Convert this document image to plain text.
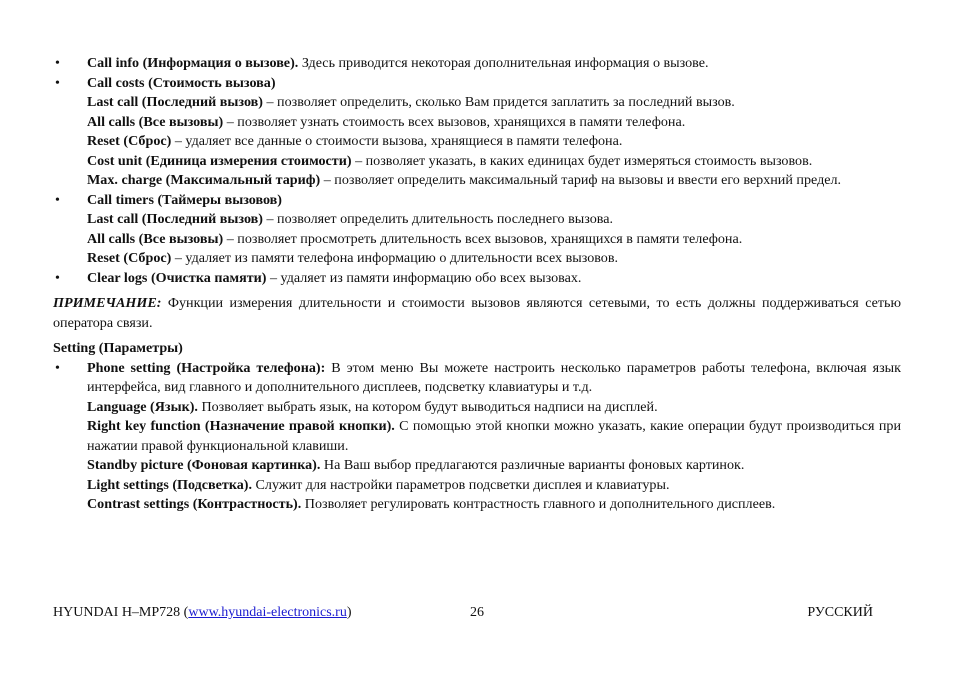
• Call info (Информация о вызове). Здесь приводится некоторая дополнительная информация о вызове.
• Call costs (Стоимость вызова)
Last call (Последний вызов) – позволяет определить, сколько Вам придется заплатить за последний вызов.
All calls (Все вызовы) – позволяет узнать стоимость всех вызовов, хранящихся в памяти телефона.
Reset (Сброс) – удаляет все данные о стоимости вызова, хранящиеся в памяти телефона.
Cost unit (Единица измерения стоимости) – позволяет указать, в каких единицах будет измеряться стоимость вызовов.
Max. charge (Максимальный тариф) – позволяет определить максимальный тариф на вызовы и ввести его верхний предел.
• Call timers (Таймеры вызовов)
Last call (Последний вызов) – позволяет определить длительность последнего вызова.
All calls (Все вызовы) – позволяет просмотреть длительность всех вызовов, хранящихся в памяти телефона.
Reset (Сброс) – удаляет из памяти телефона информацию о длительности всех вызовов.
• Clear logs (Очистка памяти) – удаляет из памяти информацию обо всех вызовах.
ПРИМЕЧАНИЕ: Функции измерения длительности и стоимости вызовов являются сетевыми, то есть должны поддерживаться сетью оператора связи.
Setting (Параметры)
• Phone setting (Настройка телефона): В этом меню Вы можете настроить несколько параметров работы телефона, включая язык интерфейса, вид главного и дополнительного дисплеев, подсветку клавиатуры и т.д.
Language (Язык). Позволяет выбрать язык, на котором будут выводиться надписи на дисплей.
Right key function (Назначение правой кнопки). С помощью этой кнопки можно указать, какие операции будут производиться при нажатии правой функциональной клавиши.
Standby picture (Фоновая картинка). На Ваш выбор предлагаются различные варианты фоновых картинок.
Light settings (Подсветка). Служит для настройки параметров подсветки дисплея и клавиатуры.
Contrast settings (Контрастность). Позволяет регулировать контрастность главного и дополнительного дисплеев.
HYUNDAI H–MP728 (www.hyundai-electronics.ru)	26	РУССКИЙ
